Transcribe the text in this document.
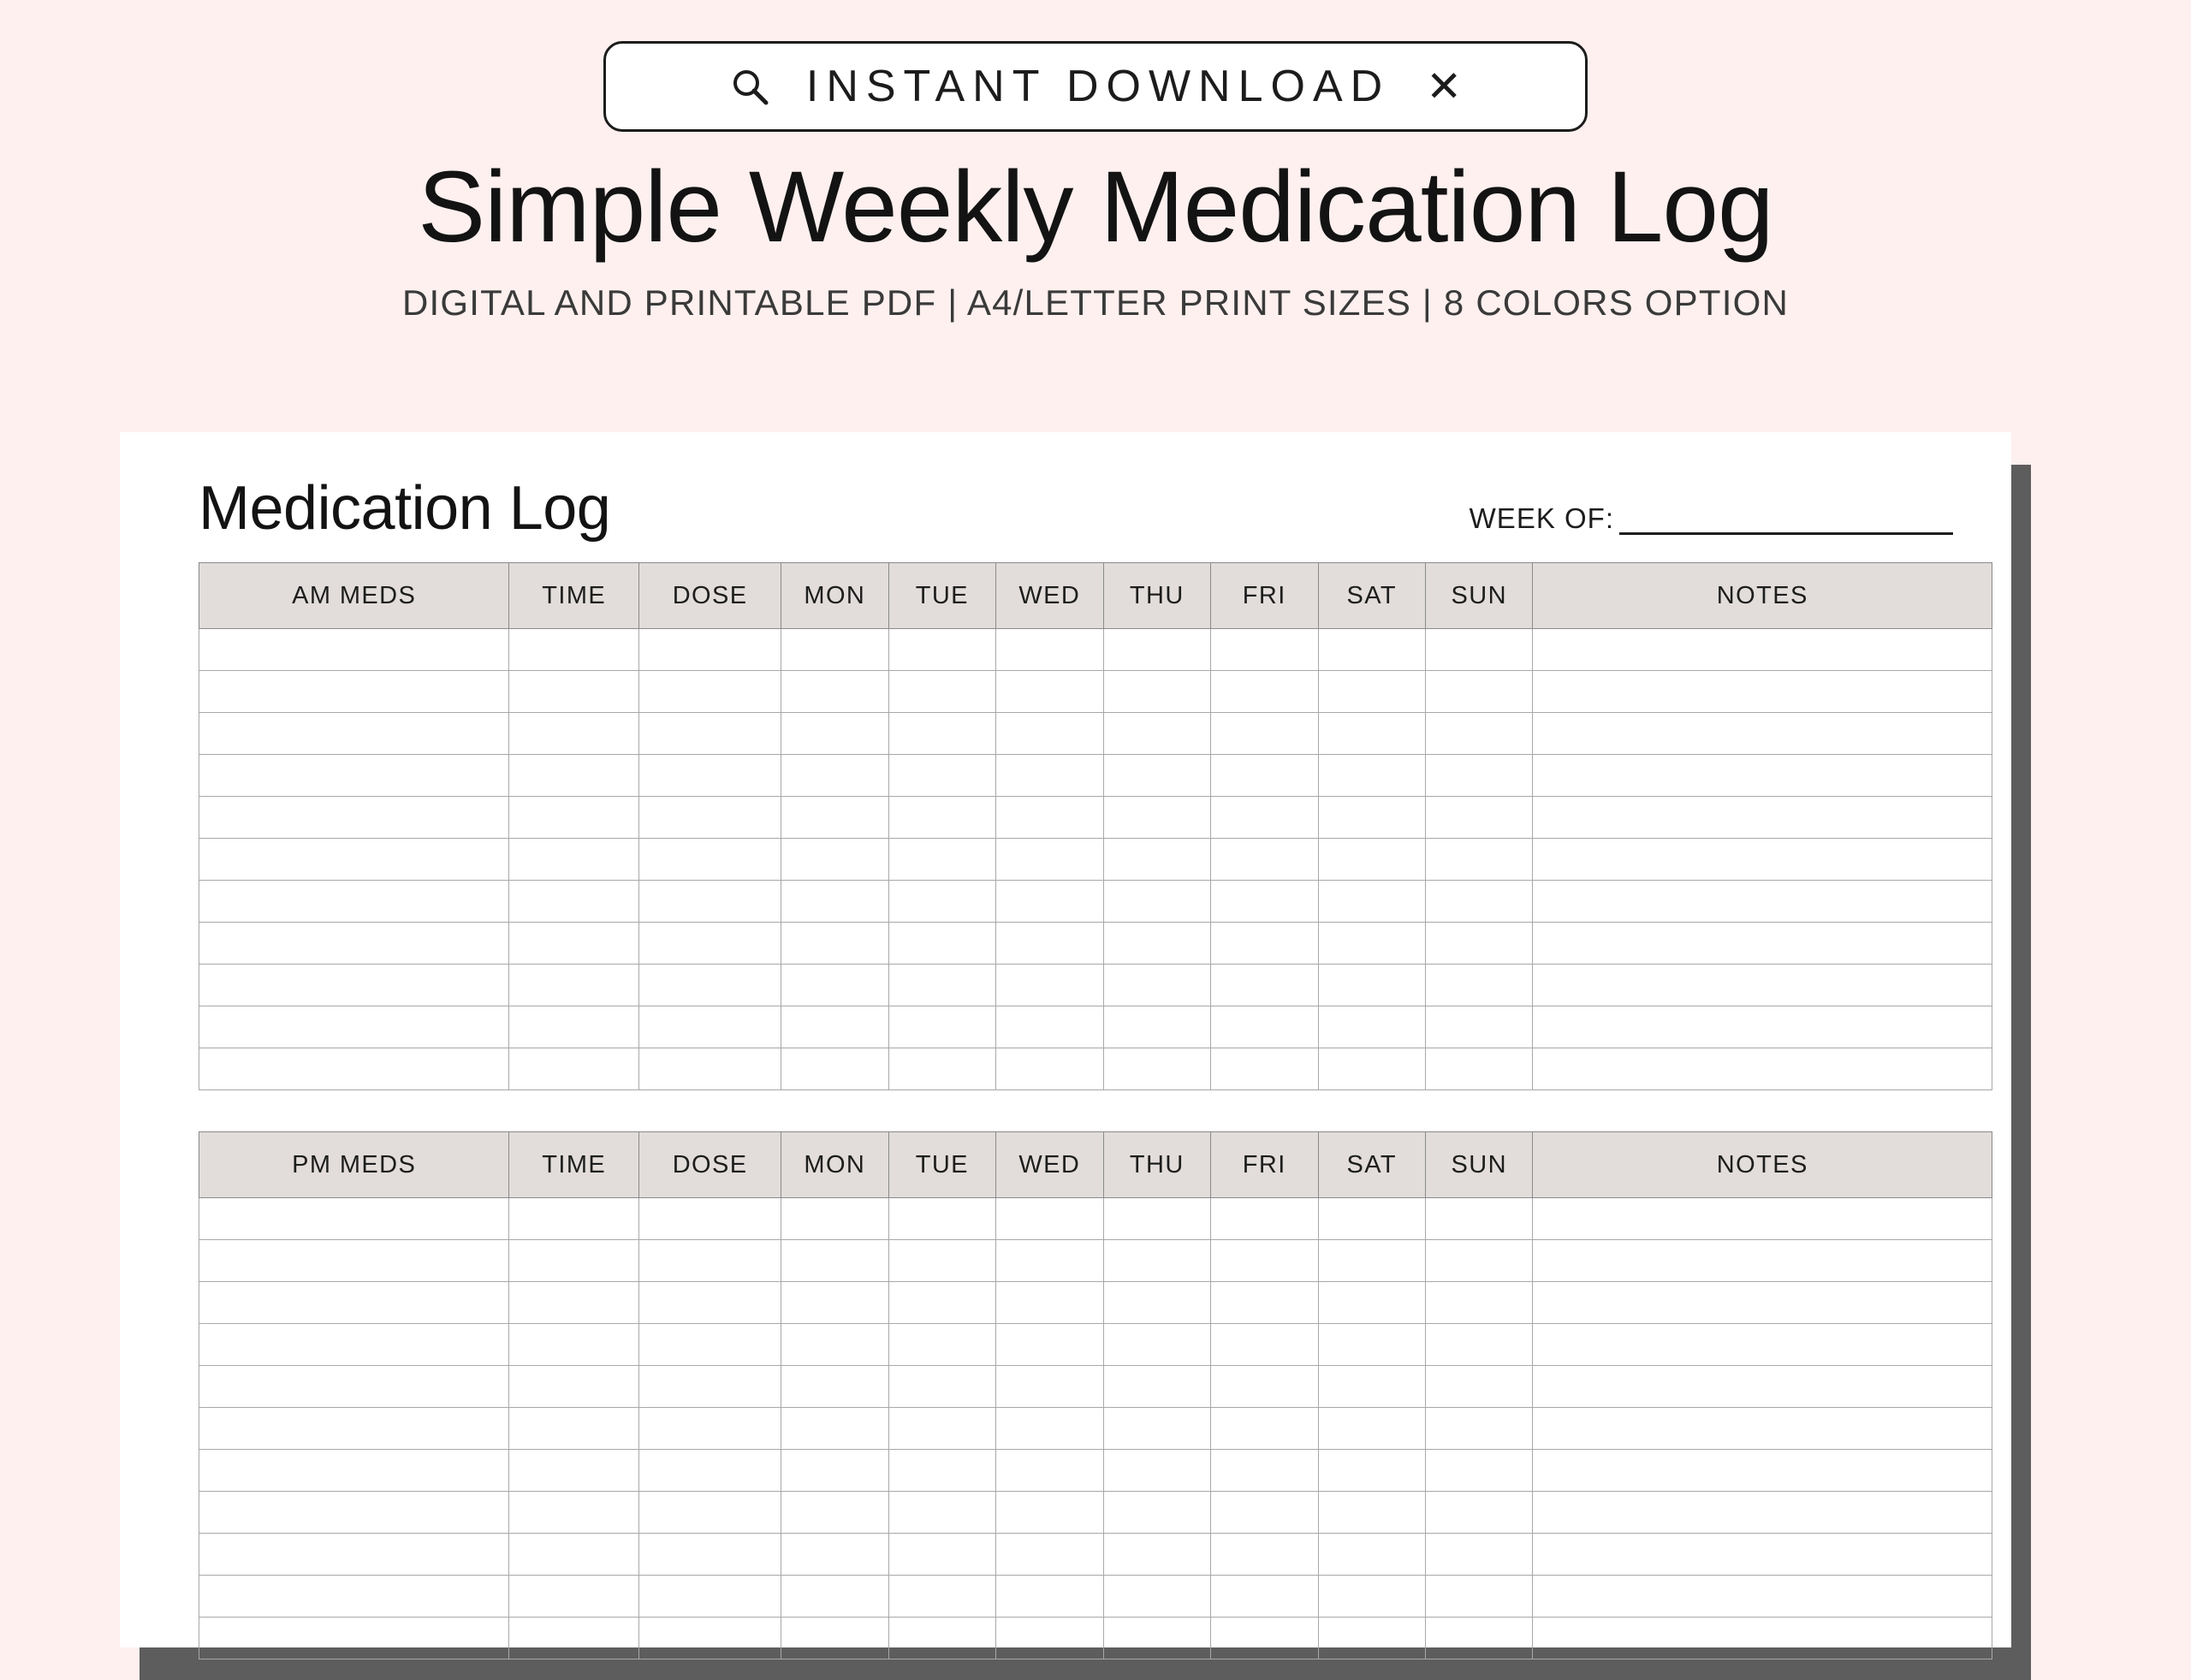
INSTANT DOWNLOAD ✕
Simple Weekly Medication Log
DIGITAL AND PRINTABLE PDF | A4/LETTER PRINT SIZES | 8 COLORS OPTION
Medication Log	WEEK OF:
AM MEDS	TIME	DOSE	MON	TUE	WED	THU	FRI	SAT	SUN	NOTES

PM MEDS	TIME	DOSE	MON	TUE	WED	THU	FRI	SAT	SUN	NOTES
